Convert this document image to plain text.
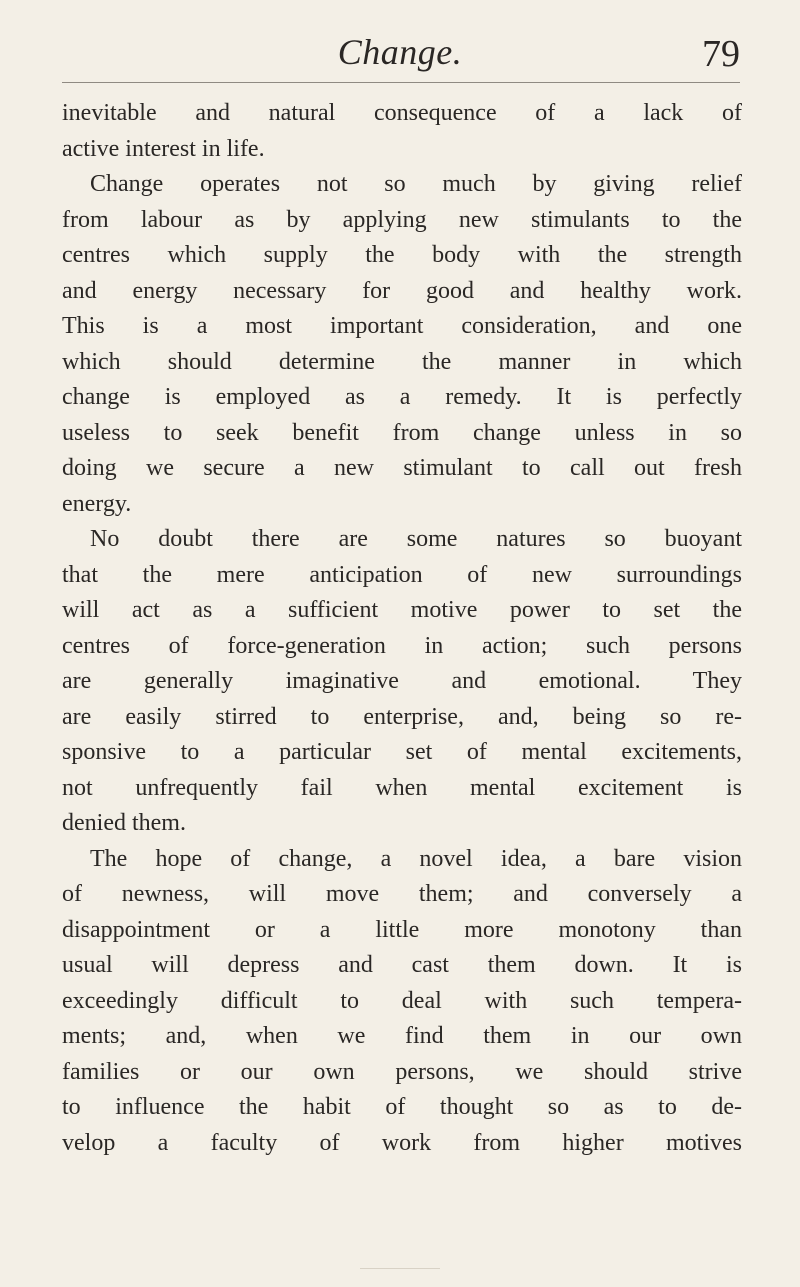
Change.	79
inevitable and natural consequence of a lack of
active interest in life.
Change operates not so much by giving relief
from labour as by applying new stimulants to the
centres which supply the body with the strength
and energy necessary for good and healthy work.
This is a most important consideration, and one
which should determine the manner in which
change is employed as a remedy. It is perfectly
useless to seek benefit from change unless in so
doing we secure a new stimulant to call out fresh
energy.
No doubt there are some natures so buoyant
that the mere anticipation of new surroundings
will act as a sufficient motive power to set the
centres of force-generation in action; such persons
are generally imaginative and emotional. They
are easily stirred to enterprise, and, being so re-
sponsive to a particular set of mental excitements,
not unfrequently fail when mental excitement is
denied them.
The hope of change, a novel idea, a bare vision
of newness, will move them; and conversely a
disappointment or a little more monotony than
usual will depress and cast them down. It is
exceedingly difficult to deal with such tempera-
ments; and, when we find them in our own
families or our own persons, we should strive
to influence the habit of thought so as to de-
velop a faculty of work from higher motives
